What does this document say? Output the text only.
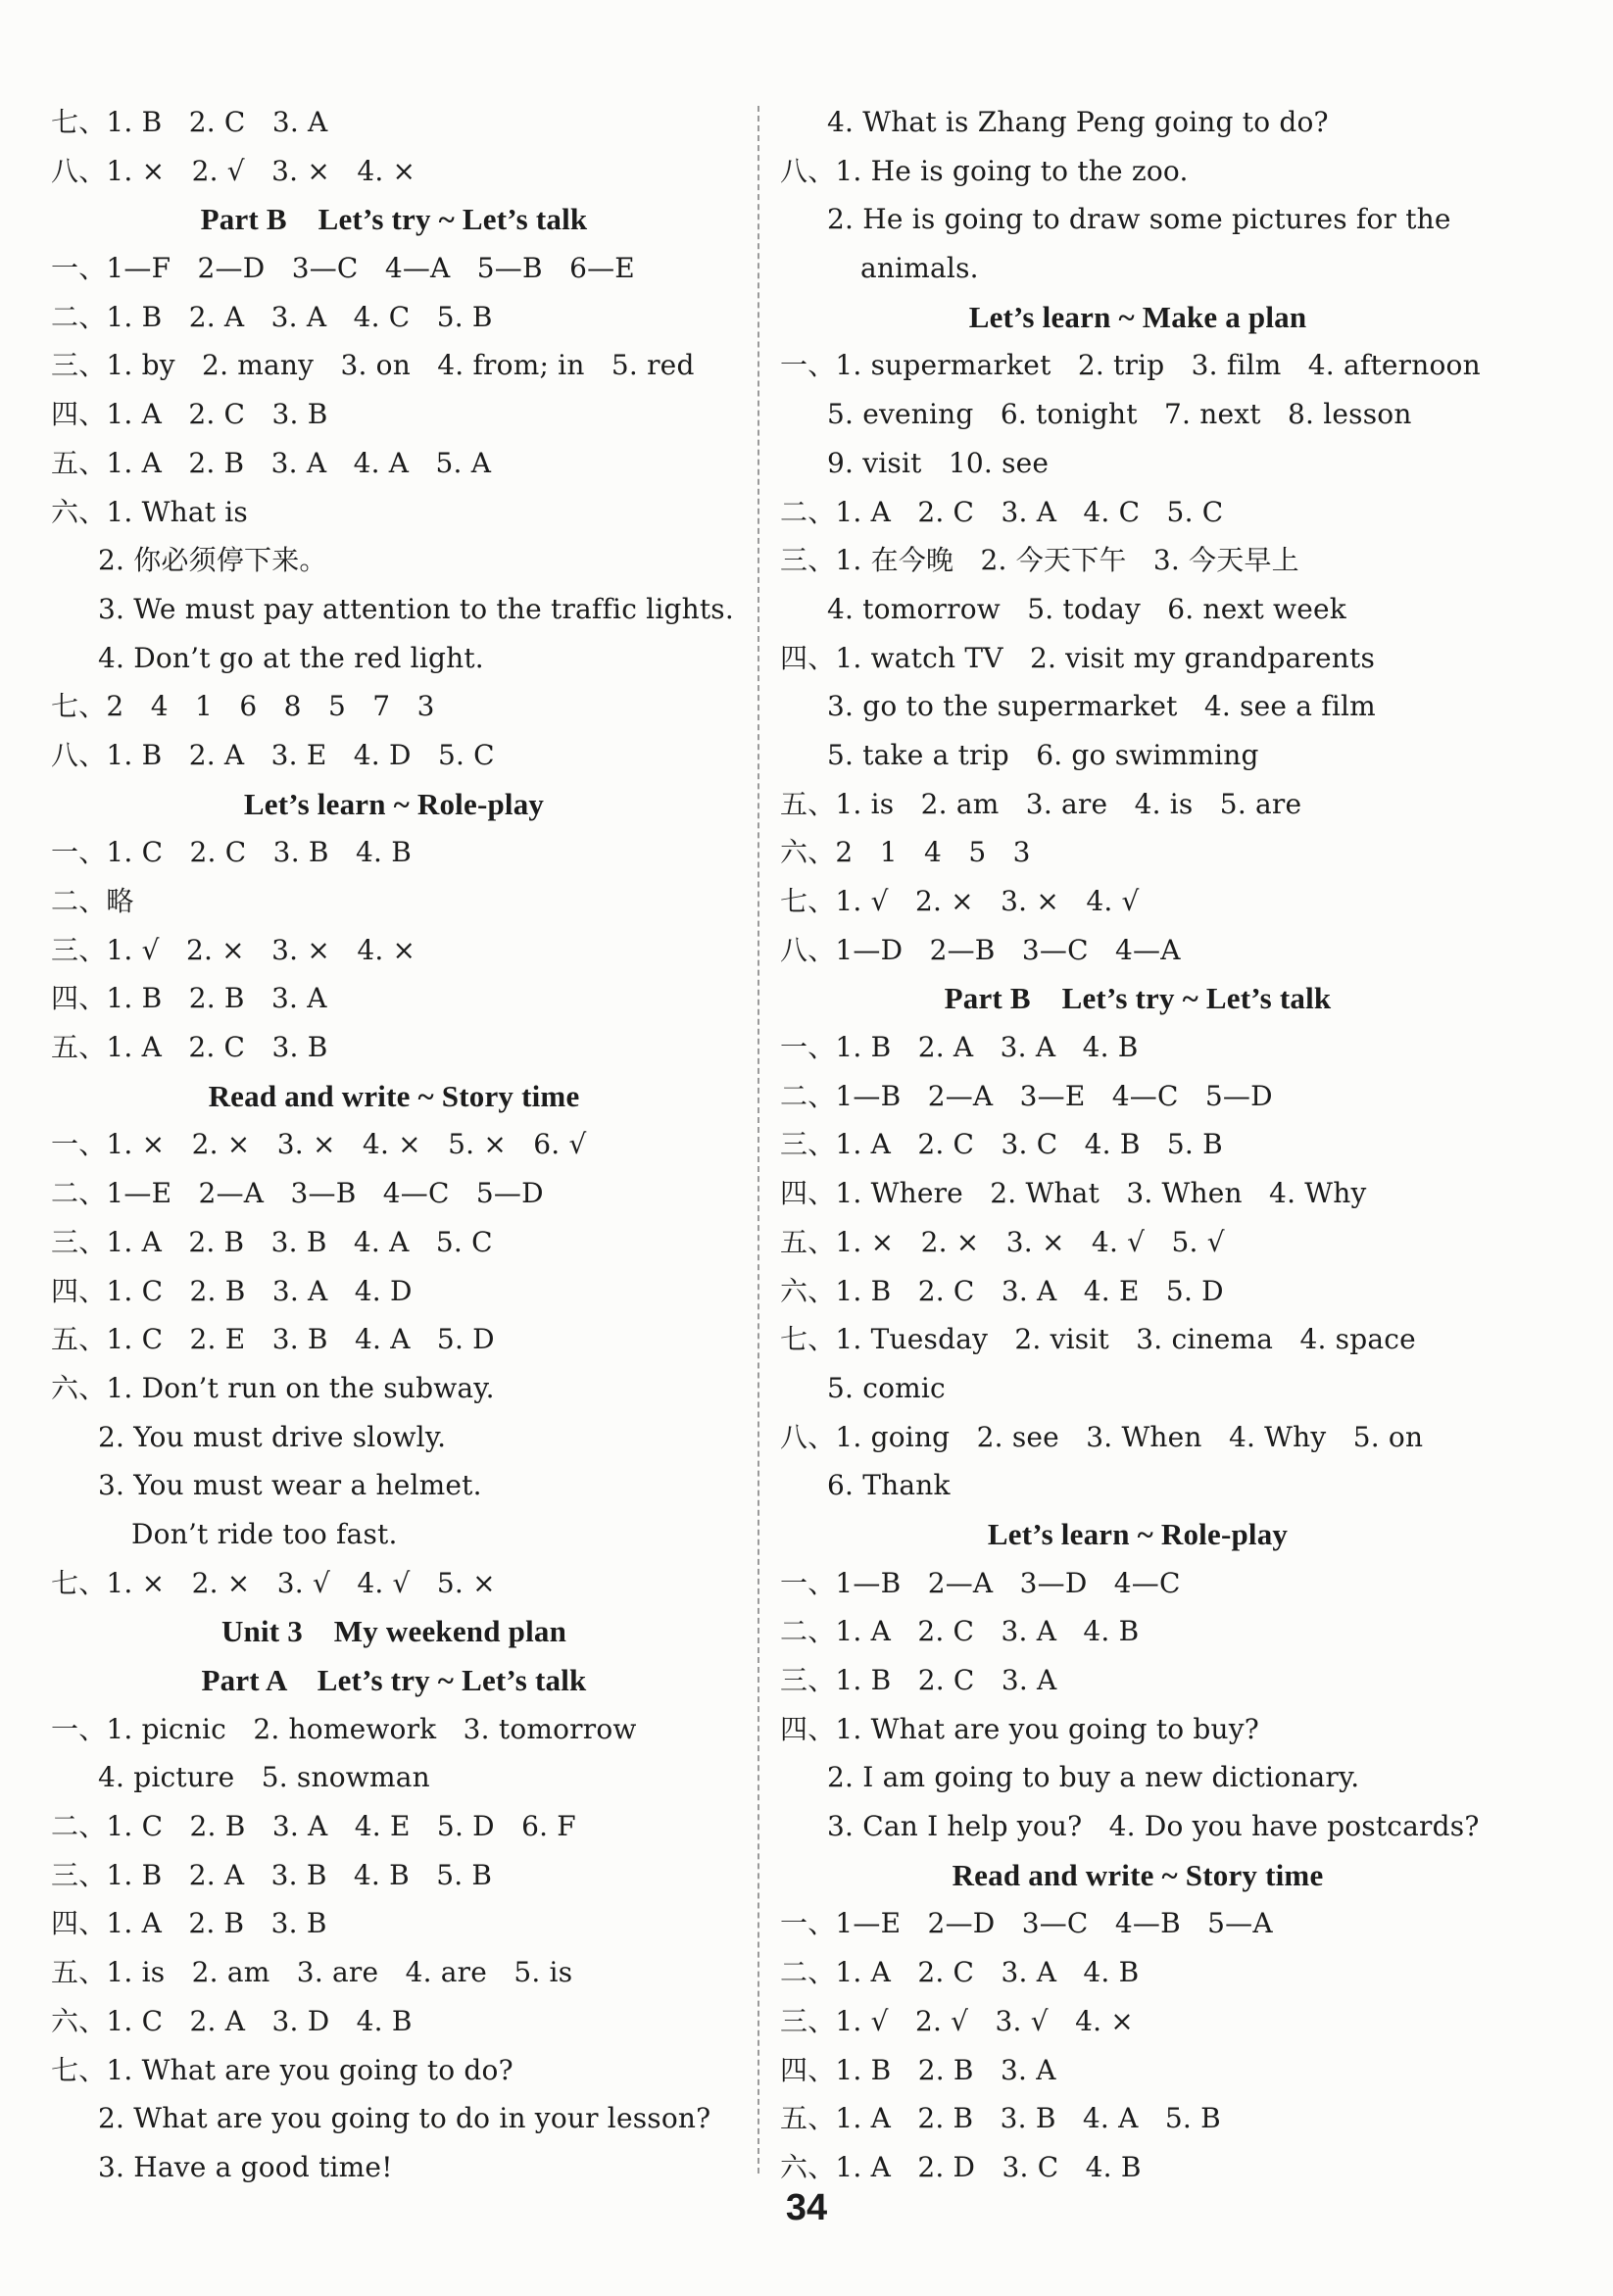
七、1. B   2. C   3. A
八、1. ×   2. √   3. ×   4. ×
Part B    Let’s try ~ Let’s talk
一、1—F   2—D   3—C   4—A   5—B   6—E
二、1. B   2. A   3. A   4. C   5. B
三、1. by   2. many   3. on   4. from; in   5. red
四、1. A   2. C   3. B
五、1. A   2. B   3. A   4. A   5. A
六、1. What is
2. 你必须停下来。
3. We must pay attention to the traffic lights.
4. Don’t go at the red light.
七、2   4   1   6   8   5   7   3
八、1. B   2. A   3. E   4. D   5. C
Let’s learn ~ Role-play
一、1. C   2. C   3. B   4. B
二、略
三、1. √   2. ×   3. ×   4. ×
四、1. B   2. B   3. A
五、1. A   2. C   3. B
Read and write ~ Story time
一、1. ×   2. ×   3. ×   4. ×   5. ×   6. √
二、1—E   2—A   3—B   4—C   5—D
三、1. A   2. B   3. B   4. A   5. C
四、1. C   2. B   3. A   4. D
五、1. C   2. E   3. B   4. A   5. D
六、1. Don’t run on the subway.
2. You must drive slowly.
3. You must wear a helmet.
Don’t ride too fast.
七、1. ×   2. ×   3. √   4. √   5. ×
Unit 3    My weekend plan
Part A    Let’s try ~ Let’s talk
一、1. picnic   2. homework   3. tomorrow
4. picture   5. snowman
二、1. C   2. B   3. A   4. E   5. D   6. F
三、1. B   2. A   3. B   4. B   5. B
四、1. A   2. B   3. B
五、1. is   2. am   3. are   4. are   5. is
六、1. C   2. A   3. D   4. B
七、1. What are you going to do?
2. What are you going to do in your lesson?
3. Have a good time!
4. What is Zhang Peng going to do?
八、1. He is going to the zoo.
2. He is going to draw some pictures for the
animals.
Let’s learn ~ Make a plan
一、1. supermarket   2. trip   3. film   4. afternoon
5. evening   6. tonight   7. next   8. lesson
9. visit   10. see
二、1. A   2. C   3. A   4. C   5. C
三、1. 在今晚   2. 今天下午   3. 今天早上
4. tomorrow   5. today   6. next week
四、1. watch TV   2. visit my grandparents
3. go to the supermarket   4. see a film
5. take a trip   6. go swimming
五、1. is   2. am   3. are   4. is   5. are
六、2   1   4   5   3
七、1. √   2. ×   3. ×   4. √
八、1—D   2—B   3—C   4—A
Part B    Let’s try ~ Let’s talk
一、1. B   2. A   3. A   4. B
二、1—B   2—A   3—E   4—C   5—D
三、1. A   2. C   3. C   4. B   5. B
四、1. Where   2. What   3. When   4. Why
五、1. ×   2. ×   3. ×   4. √   5. √
六、1. B   2. C   3. A   4. E   5. D
七、1. Tuesday   2. visit   3. cinema   4. space
5. comic
八、1. going   2. see   3. When   4. Why   5. on
6. Thank
Let’s learn ~ Role-play
一、1—B   2—A   3—D   4—C
二、1. A   2. C   3. A   4. B
三、1. B   2. C   3. A
四、1. What are you going to buy?
2. I am going to buy a new dictionary.
3. Can I help you?   4. Do you have postcards?
Read and write ~ Story time
一、1—E   2—D   3—C   4—B   5—A
二、1. A   2. C   3. A   4. B
三、1. √   2. √   3. √   4. ×
四、1. B   2. B   3. A
五、1. A   2. B   3. B   4. A   5. B
六、1. A   2. D   3. C   4. B
34
